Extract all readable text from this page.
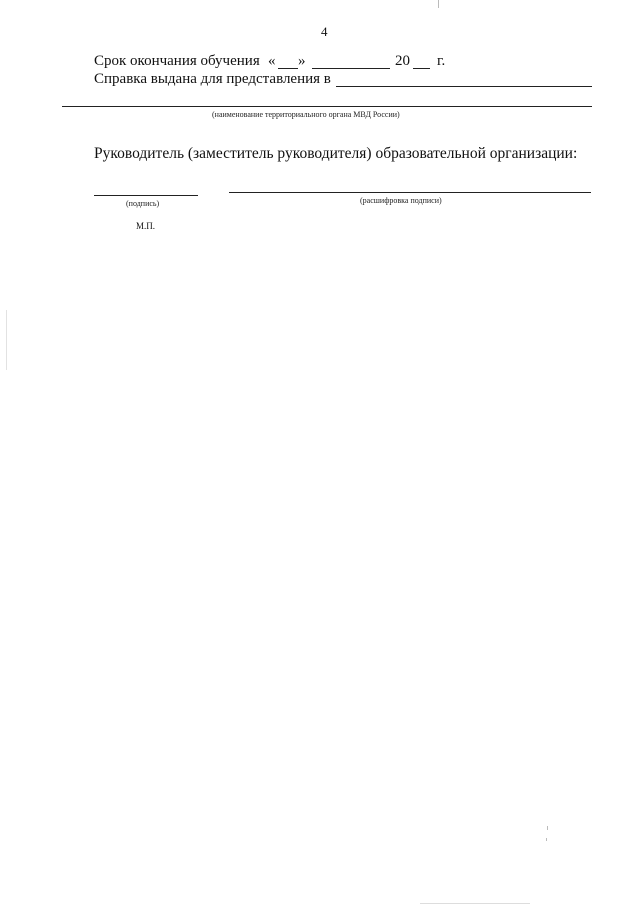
4
Срок окончания обучения « »	20 г.
Справка выдана для представления в
(наименование территориального органа МВД России)
Руководитель (заместитель руководителя) образовательной организации:
(подпись)	(расшифровка подписи)
М.П.
